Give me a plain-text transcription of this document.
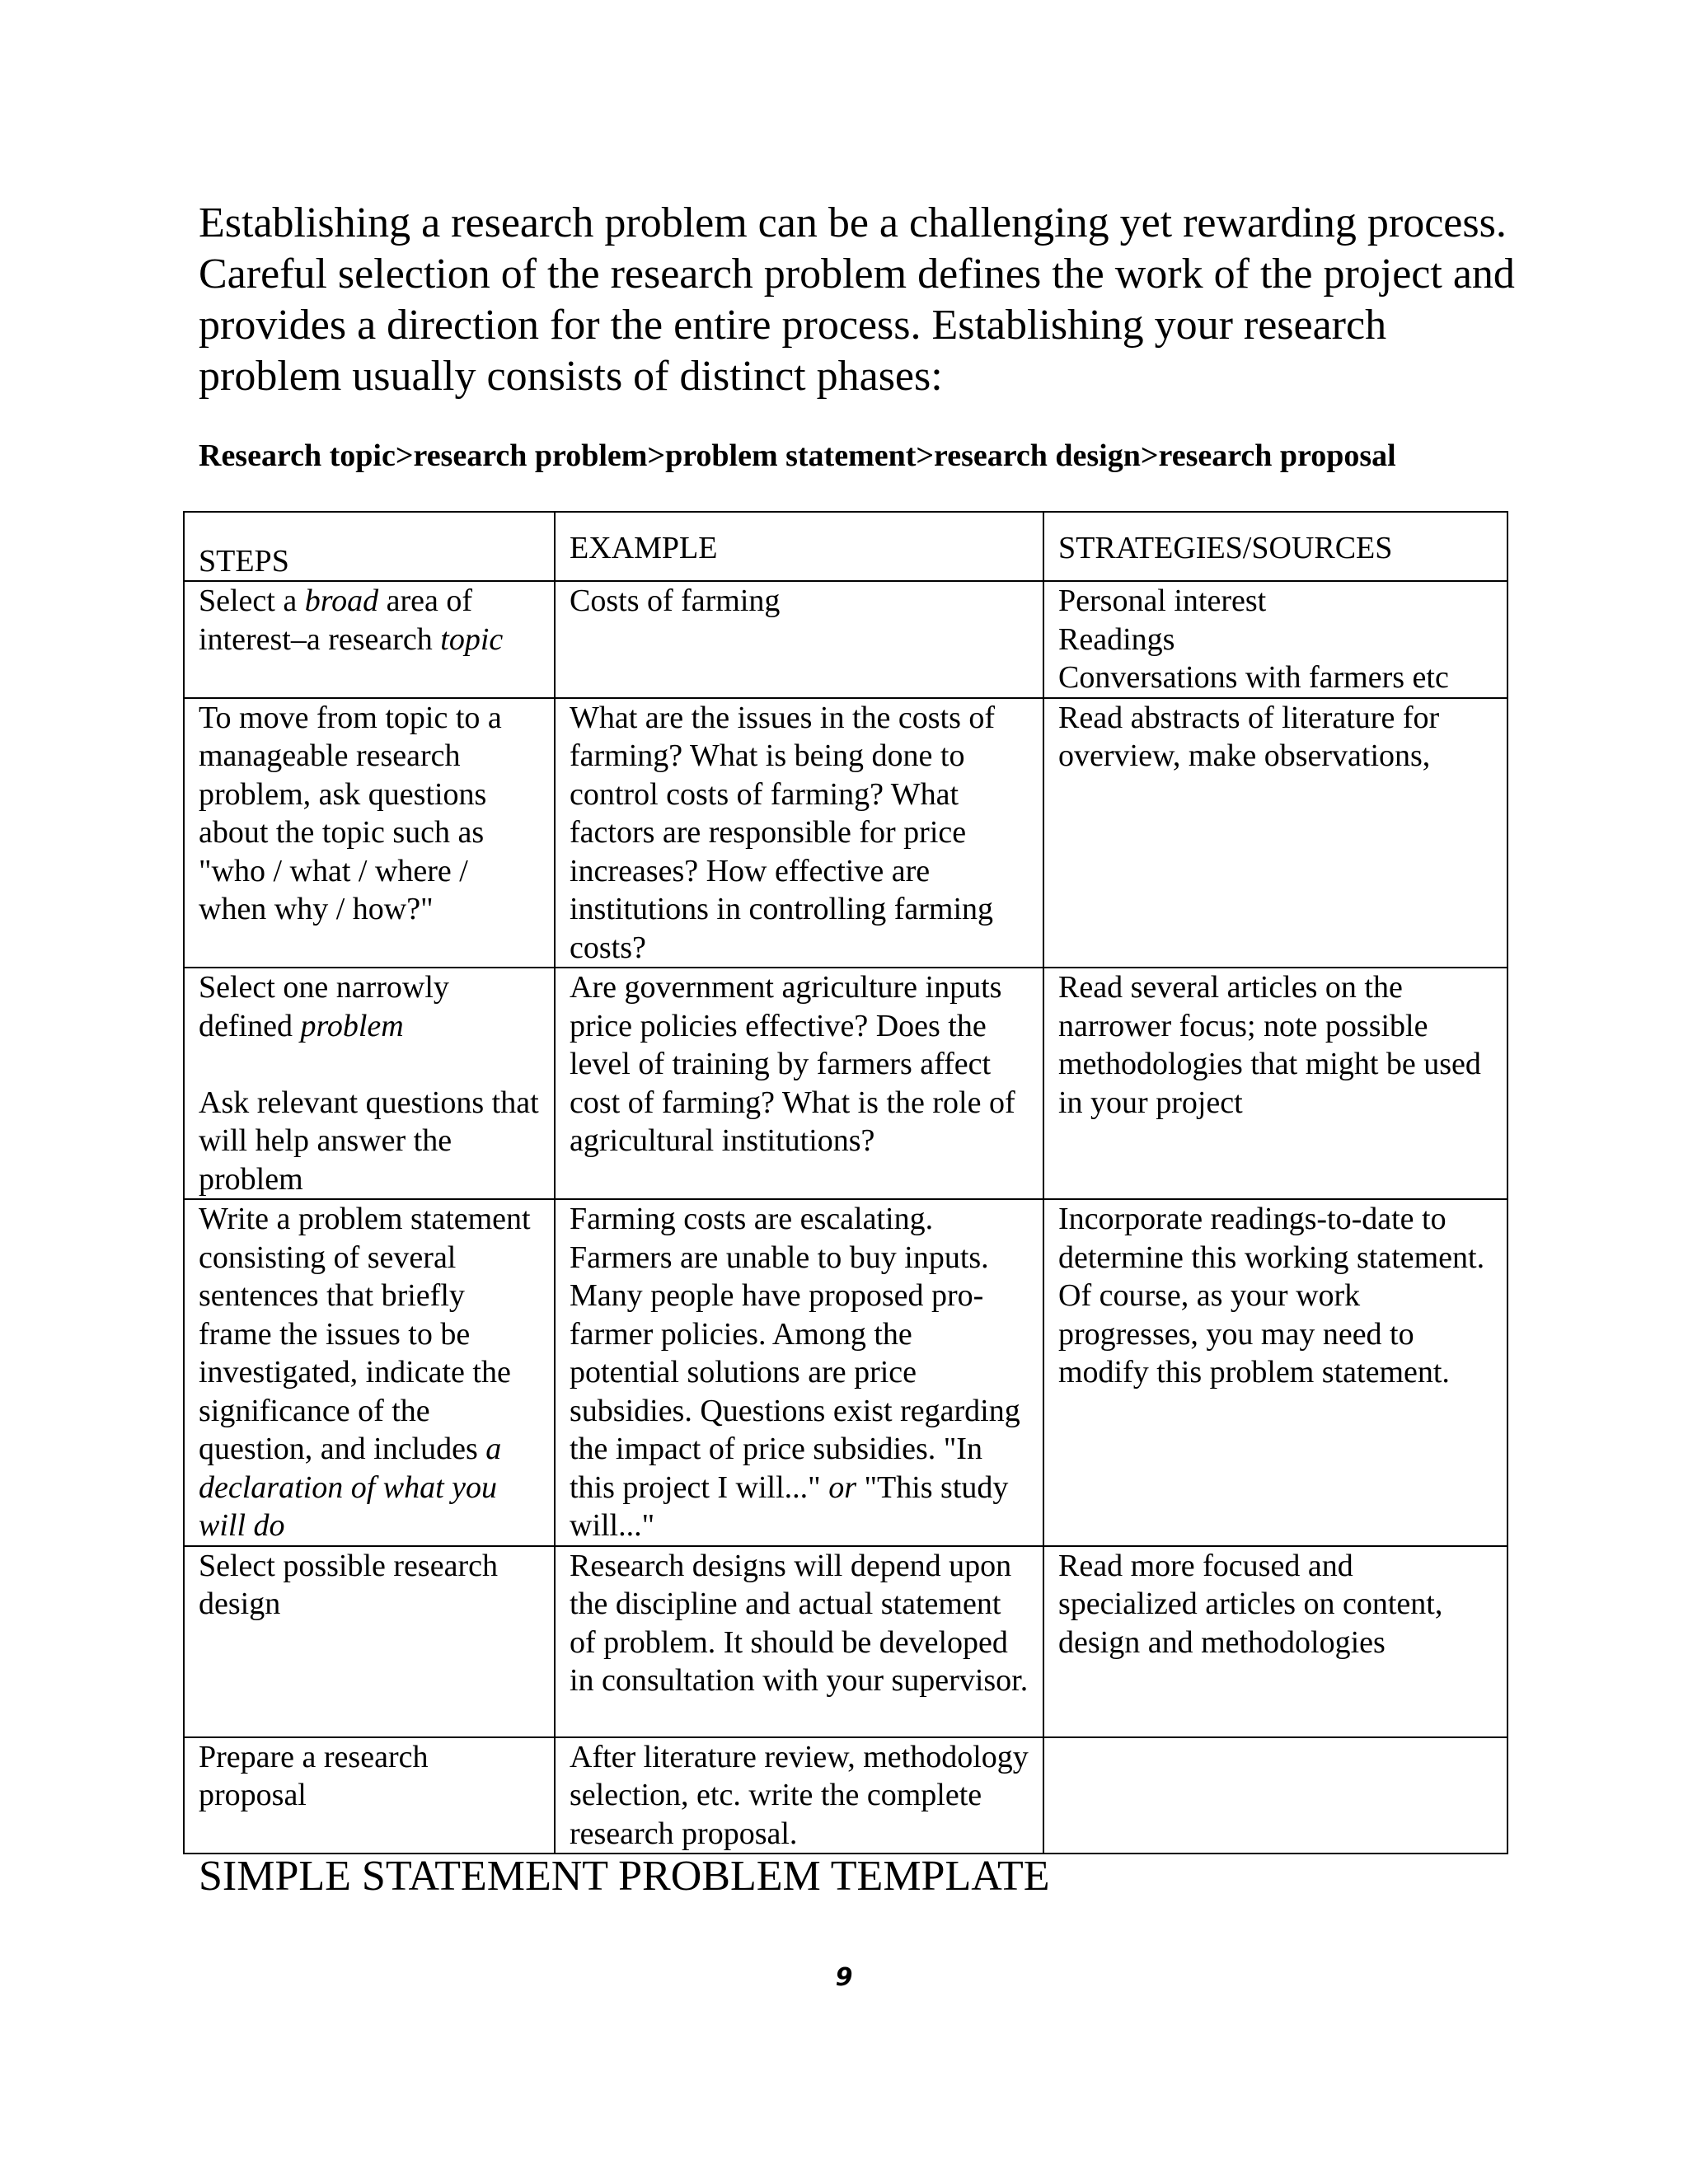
Establishing a research problem can be a challenging yet rewarding process. Careful selection of the research problem defines the work of the project and provides a direction for the entire process. Establishing your research problem usually consists of distinct phases:

Research topic>research problem>problem statement>research design>research proposal

STEPS	EXAMPLE	STRATEGIES/SOURCES

Select a broad area of interest–a research topic	Costs of farming	Personal interest
Readings
Conversations with farmers etc

To move from topic to a manageable research problem, ask questions about the topic such as "who / what / where / when why / how?"	What are the issues in the costs of farming? What is being done to control costs of farming? What factors are responsible for price increases? How effective are institutions in controlling farming costs?	Read abstracts of literature for overview, make observations,

Select one narrowly defined problem
Ask relevant questions that will help answer the problem	Are government agriculture inputs price policies effective? Does the level of training by farmers affect cost of farming? What is the role of agricultural institutions?	Read several articles on the narrower focus; note possible methodologies that might be used in your project

Write a problem statement consisting of several sentences that briefly frame the issues to be investigated, indicate the significance of the question, and includes a declaration of what you will do	Farming costs are escalating. Farmers are unable to buy inputs. Many people have proposed pro-farmer policies. Among the potential solutions are price subsidies. Questions exist regarding the impact of price subsidies. "In this project I will..." or "This study will..."	Incorporate readings-to-date to determine this working statement. Of course, as your work progresses, you may need to modify this problem statement.

Select possible research design	Research designs will depend upon the discipline and actual statement of problem. It should be developed in consultation with your supervisor.	Read more focused and specialized articles on content, design and methodologies

Prepare a research proposal	After literature review, methodology selection, etc. write the complete research proposal.	

SIMPLE STATEMENT PROBLEM TEMPLATE
9
